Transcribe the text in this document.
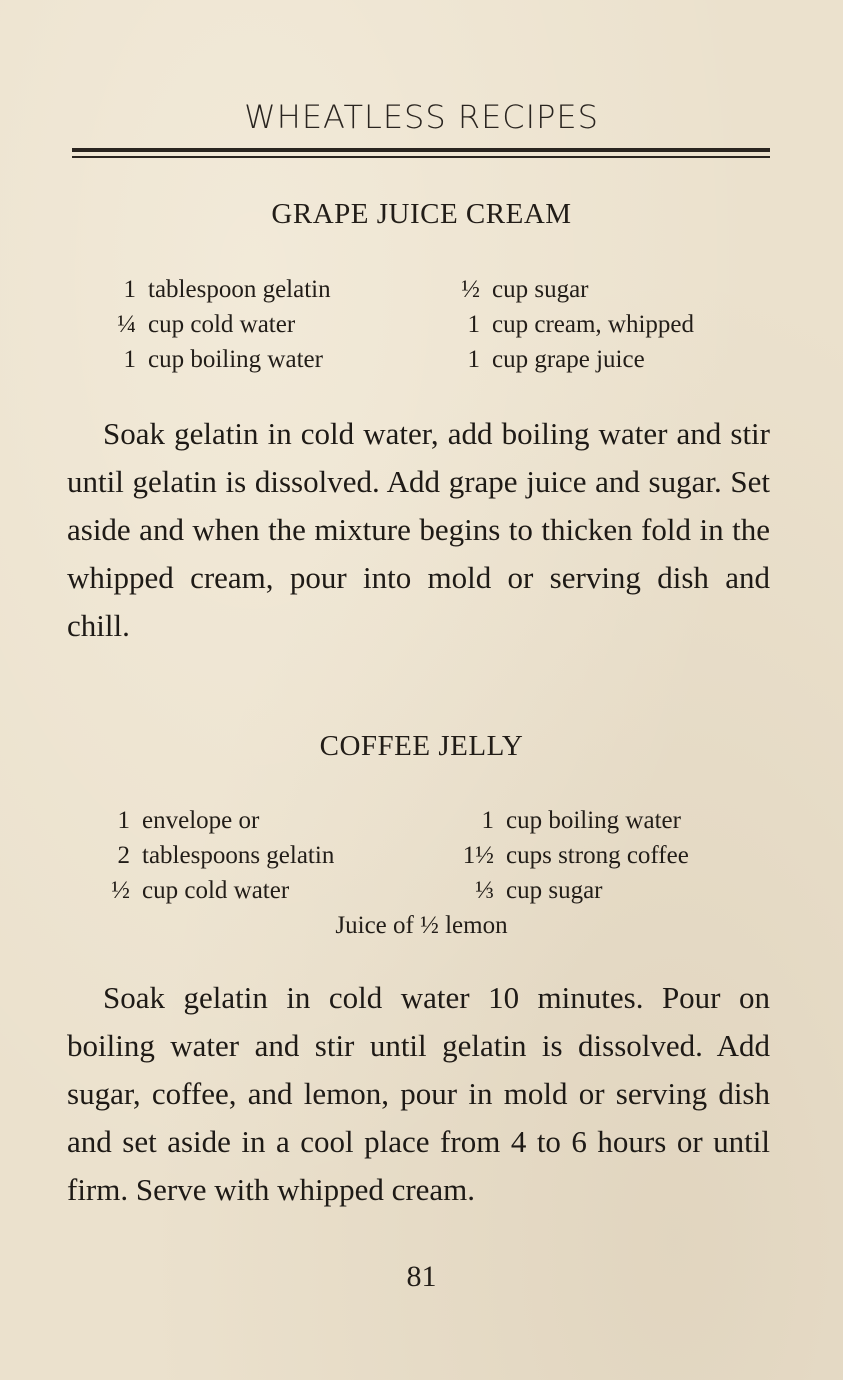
WHEATLESS RECIPES
GRAPE JUICE CREAM
1 tablespoon gelatin
¼ cup cold water
1 cup boiling water
½ cup sugar
1 cup cream, whipped
1 cup grape juice

Soak gelatin in cold water, add boiling water and stir until gelatin is dissolved. Add grape juice and sugar. Set aside and when the mixture begins to thicken fold in the whipped cream, pour into mold or serving dish and chill.

COFFEE JELLY
1 envelope or
2 tablespoons gelatin
½ cup cold water
1 cup boiling water
1½ cups strong coffee
⅓ cup sugar
Juice of ½ lemon

Soak gelatin in cold water 10 minutes. Pour on boiling water and stir until gelatin is dissolved. Add sugar, coffee, and lemon, pour in mold or serving dish and set aside in a cool place from 4 to 6 hours or until firm. Serve with whipped cream.

81
